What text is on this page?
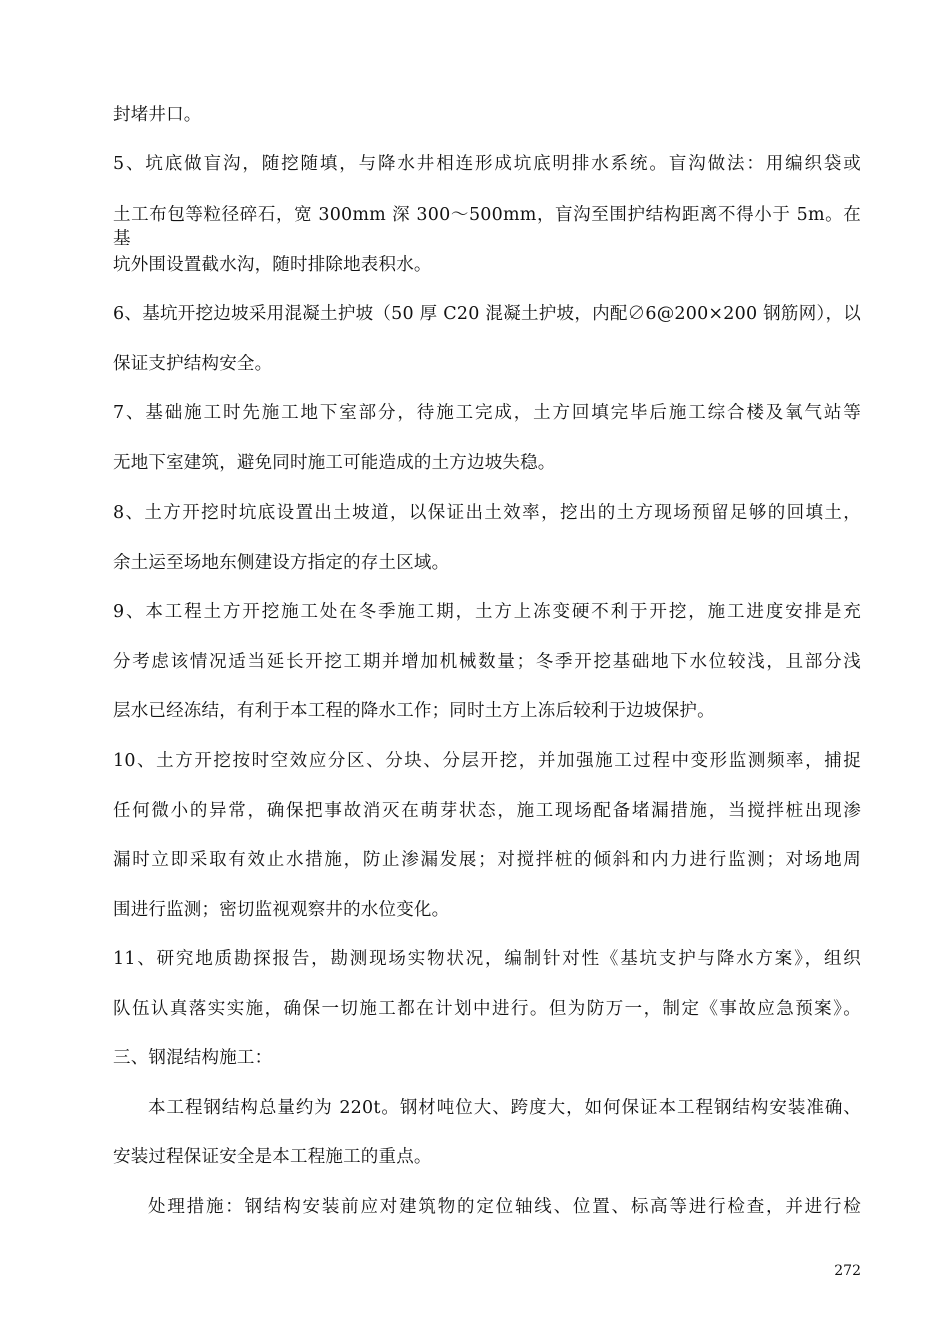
封堵井口。
5、坑底做盲沟，随挖随填，与降水井相连形成坑底明排水系统。盲沟做法：用编织袋或
土工布包等粒径碎石，宽 300mm 深 300～500mm，盲沟至围护结构距离不得小于 5m。在基
坑外围设置截水沟，随时排除地表积水。
6、基坑开挖边坡采用混凝土护坡（50 厚 C20 混凝土护坡，内配∅6@200×200 钢筋网），以
保证支护结构安全。
7、基础施工时先施工地下室部分，待施工完成，土方回填完毕后施工综合楼及氧气站等
无地下室建筑，避免同时施工可能造成的土方边坡失稳。
8、土方开挖时坑底设置出土坡道，以保证出土效率，挖出的土方现场预留足够的回填土，
余土运至场地东侧建设方指定的存土区域。
9、本工程土方开挖施工处在冬季施工期，土方上冻变硬不利于开挖，施工进度安排是充
分考虑该情况适当延长开挖工期并增加机械数量；冬季开挖基础地下水位较浅，且部分浅
层水已经冻结，有利于本工程的降水工作；同时土方上冻后较利于边坡保护。
10、土方开挖按时空效应分区、分块、分层开挖，并加强施工过程中变形监测频率，捕捉
任何微小的异常，确保把事故消灭在萌芽状态，施工现场配备堵漏措施，当搅拌桩出现渗
漏时立即采取有效止水措施，防止渗漏发展；对搅拌桩的倾斜和内力进行监测；对场地周
围进行监测；密切监视观察井的水位变化。
11、研究地质勘探报告，勘测现场实物状况，编制针对性《基坑支护与降水方案》，组织
队伍认真落实实施，确保一切施工都在计划中进行。但为防万一，制定《事故应急预案》。
三、钢混结构施工：
本工程钢结构总量约为 220t。钢材吨位大、跨度大，如何保证本工程钢结构安装准确、
安装过程保证安全是本工程施工的重点。
处理措施：钢结构安装前应对建筑物的定位轴线、位置、标高等进行检查，并进行检
272
